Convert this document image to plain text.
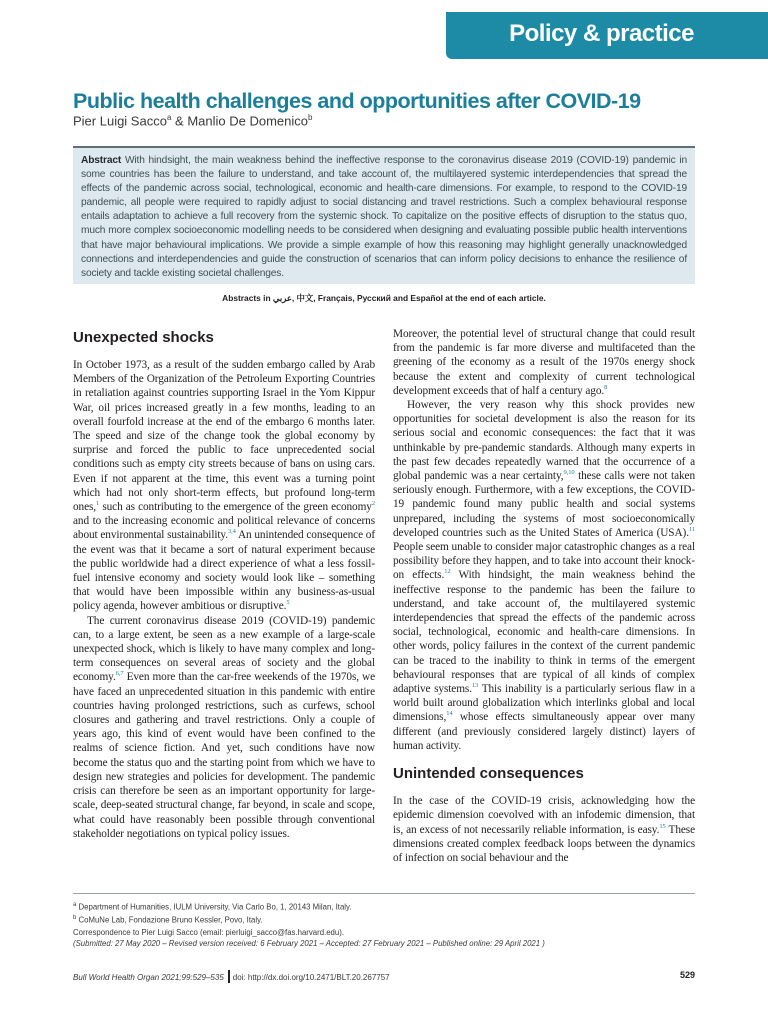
Policy & practice
Public health challenges and opportunities after COVID-19
Pier Luigi Sacco$^a$ & Manlio De Domenico$^b$
Abstract With hindsight, the main weakness behind the ineffective response to the coronavirus disease 2019 (COVID-19) pandemic in some countries has been the failure to understand, and take account of, the multilayered systemic interdependencies that spread the effects of the pandemic across social, technological, economic and health-care dimensions. For example, to respond to the COVID-19 pandemic, all people were required to rapidly adjust to social distancing and travel restrictions. Such a complex behavioural response entails adaptation to achieve a full recovery from the systemic shock. To capitalize on the positive effects of disruption to the status quo, much more complex socioeconomic modelling needs to be considered when designing and evaluating possible public health interventions that have major behavioural implications. We provide a simple example of how this reasoning may highlight generally unacknowledged connections and interdependencies and guide the construction of scenarios that can inform policy decisions to enhance the resilience of society and tackle existing societal challenges.
Abstracts in عربي, 中文, Français, Русский and Español at the end of each article.
Unexpected shocks

In October 1973, as a result of the sudden embargo called by Arab Members of the Organization of the Petroleum Exporting Countries in retaliation against countries supporting Israel in the Yom Kippur War, oil prices increased greatly in a few months, leading to an overall fourfold increase at the end of the embargo 6 months later. The speed and size of the change took the global economy by surprise and forced the public to face unprecedented social conditions such as empty city streets because of bans on using cars. Even if not apparent at the time, this event was a turning point which had not only short-term effects, but profound long-term ones,$^1$ such as contributing to the emergence of the green economy$^2$ and to the increasing economic and political relevance of concerns about environmental sustainability.$^{3,4}$ An unintended consequence of the event was that it became a sort of natural experiment because the public worldwide had a direct experience of what a less fossil-fuel intensive economy and society would look like – something that would have been impossible within any business-as-usual policy agenda, however ambitious or disruptive.$^5$

The current coronavirus disease 2019 (COVID-19) pandemic can, to a large extent, be seen as a new example of a large-scale unexpected shock, which is likely to have many complex and long-term consequences on several areas of society and the global economy.$^{6,7}$ Even more than the car-free weekends of the 1970s, we have faced an unprecedented situation in this pandemic with entire countries having prolonged restrictions, such as curfews, school closures and gathering and travel restrictions. Only a couple of years ago, this kind of event would have been confined to the realms of science fiction. And yet, such conditions have now become the status quo and the starting point from which we have to design new strategies and policies for development. The pandemic crisis can therefore be seen as an important opportunity for large-scale, deep-seated structural change, far beyond, in scale and scope, what could have reasonably been possible through conventional stakeholder negotiations on typical policy issues.

Moreover, the potential level of structural change that could result from the pandemic is far more diverse and multifaceted than the greening of the economy as a result of the 1970s energy shock because the extent and complexity of current technological development exceeds that of half a century ago.$^8$

However, the very reason why this shock provides new opportunities for societal development is also the reason for its serious social and economic consequences: the fact that it was unthinkable by pre-pandemic standards. Although many experts in the past few decades repeatedly warned that the occurrence of a global pandemic was a near certainty,$^{9,10}$ these calls were not taken seriously enough. Furthermore, with a few exceptions, the COVID-19 pandemic found many public health and social systems unprepared, including the systems of most socioeconomically developed countries such as the United States of America (USA).$^{11}$ People seem unable to consider major catastrophic changes as a real possibility before they happen, and to take into account their knock-on effects.$^{12}$ With hindsight, the main weakness behind the ineffective response to the pandemic has been the failure to understand, and take account of, the multilayered systemic interdependencies that spread the effects of the pandemic across social, technological, economic and health-care dimensions. In other words, policy failures in the context of the current pandemic can be traced to the inability to think in terms of the emergent behavioural responses that are typical of all kinds of complex adaptive systems.$^{13}$ This inability is a particularly serious flaw in a world built around globalization which interlinks global and local dimensions,$^{14}$ whose effects simultaneously appear over many different (and previously considered largely distinct) layers of human activity.

Unintended consequences

In the case of the COVID-19 crisis, acknowledging how the epidemic dimension coevolved with an infodemic dimension, that is, an excess of not necessarily reliable information, is easy.$^{15}$ These dimensions created complex feedback loops between the dynamics of infection on social behaviour and the

$^a$ Department of Humanities, IULM University, Via Carlo Bo, 1, 20143 Milan, Italy.
$^b$ CoMuNe Lab, Fondazione Bruno Kessler, Povo, Italy.
Correspondence to Pier Luigi Sacco (email: pierluigi_sacco@fas.harvard.edu).
(Submitted: 27 May 2020 – Revised version received: 6 February 2021 – Accepted: 27 February 2021 – Published online: 29 April 2021 )
Bull World Health Organ 2021;99:529–535 doi: http://dx.doi.org/10.2471/BLT.20.267757	529
